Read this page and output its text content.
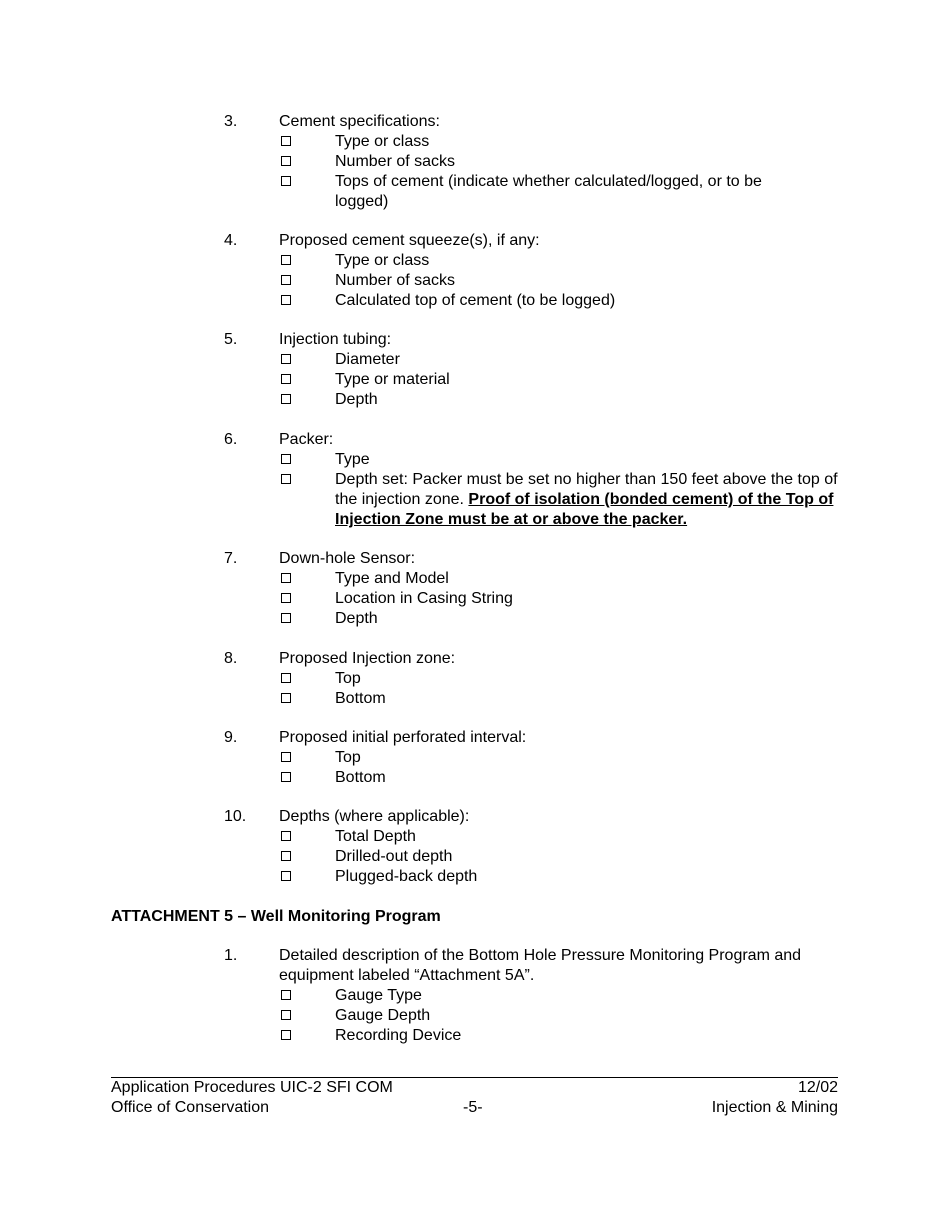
3.	Cement specifications:
Type or class
Number of sacks
Tops of cement (indicate whether calculated/logged, or to be logged)
4.	Proposed cement squeeze(s), if any:
Type or class
Number of sacks
Calculated top of cement (to be logged)
5.	Injection tubing:
Diameter
Type or material
Depth
6.	Packer:
Type
Depth set: Packer must be set no higher than 150 feet above the top of the injection zone. Proof of isolation (bonded cement) of the Top of Injection Zone must be at or above the packer.
7.	Down-hole Sensor:
Type and Model
Location in Casing String
Depth
8.	Proposed Injection zone:
Top
Bottom
9.	Proposed initial perforated interval:
Top
Bottom
10. Depths (where applicable):
Total Depth
Drilled-out depth
Plugged-back depth
ATTACHMENT 5 – Well Monitoring Program
1.	Detailed description of the Bottom Hole Pressure Monitoring Program and equipment labeled “Attachment 5A”.
Gauge Type
Gauge Depth
Recording Device
Application Procedures UIC-2 SFI COM
Office of Conservation	-5-
12/02
Injection & Mining
